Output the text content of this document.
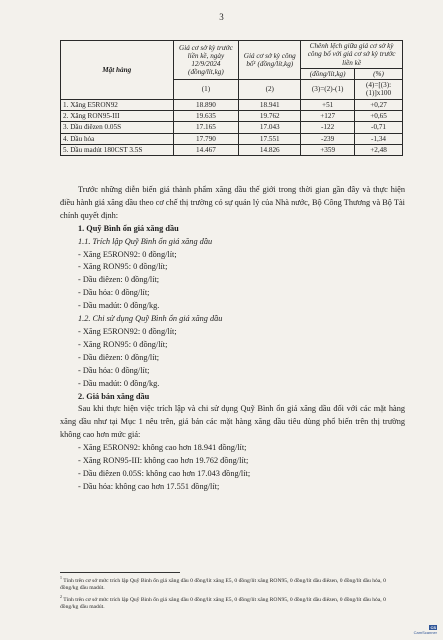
3
Mặt hàng	Giá cơ sở kỳ trước liền kề, ngày 12/9/2024 (đồng/lít,kg)	Giá cơ sở kỳ công bố¹ (đồng/lít,kg)	Chênh lệch giữa giá cơ sở kỳ công bố với giá cơ sở kỳ trước liền kề	
			(đồng/lít,kg)	(%)
	(1)	(2)	(3)=(2)-(1)	(4)=[(3):(1)]x100
1. Xăng E5RON92	18.890	18.941	+51	+0,27
2. Xăng RON95-III	19.635	19.762	+127	+0,65
3. Dầu điêzen 0.05S	17.165	17.043	-122	-0,71
4. Dầu hỏa	17.790	17.551	-239	-1,34
5. Dầu madút 180CST 3.5S	14.467	14.826	+359	+2,48

Trước những diễn biến giá thành phẩm xăng dầu thế giới trong thời gian gần đây và thực hiện điều hành giá xăng dầu theo cơ chế thị trường có sự quản lý của Nhà nước, Bộ Công Thương và Bộ Tài chính quyết định:

1. Quỹ Bình ổn giá xăng dầu

1.1. Trích lập Quỹ Bình ổn giá xăng dầu

- Xăng E5RON92: 0 đồng/lít;

- Xăng RON95: 0 đồng/lít;

- Dầu điêzen: 0 đồng/lít;

- Dầu hỏa: 0 đồng/lít;

- Dầu madút: 0 đồng/kg.

1.2. Chi sử dụng Quỹ Bình ổn giá xăng dầu

- Xăng E5RON92: 0 đồng/lít;

- Xăng RON95: 0 đồng/lít;

- Dầu điêzen: 0 đồng/lít;

- Dầu hỏa: 0 đồng/lít;

- Dầu madút: 0 đồng/kg.

2. Giá bán xăng dầu

Sau khi thực hiện việc trích lập và chi sử dụng Quỹ Bình ổn giá xăng dầu đối với các mặt hàng xăng dầu như tại Mục 1 nêu trên, giá bán các mặt hàng xăng dầu tiêu dùng phổ biến trên thị trường không cao hơn mức giá:

- Xăng E5RON92: không cao hơn 18.941 đồng/lít;

- Xăng RON95-III: không cao hơn 19.762 đồng/lít;

- Dầu điêzen 0.05S: không cao hơn 17.043 đồng/lít;

- Dầu hỏa: không cao hơn 17.551 đồng/lít;

$^1$ Tính trên cơ sở mức trích lập Quỹ Bình ổn giá xăng dầu 0 đồng/lít xăng E5, 0 đồng/lít xăng RON95, 0 đồng/lít dầu điêzen, 0 đồng/lít dầu hỏa, 0 đồng/kg dầu madút.

$^2$ Tính trên cơ sở mức trích lập Quỹ Bình ổn giá xăng dầu 0 đồng/lít xăng E5, 0 đồng/lít xăng RON95, 0 đồng/lít dầu điêzen, 0 đồng/lít dầu hỏa, 0 đồng/kg dầu madút.

CS
CamScanner
